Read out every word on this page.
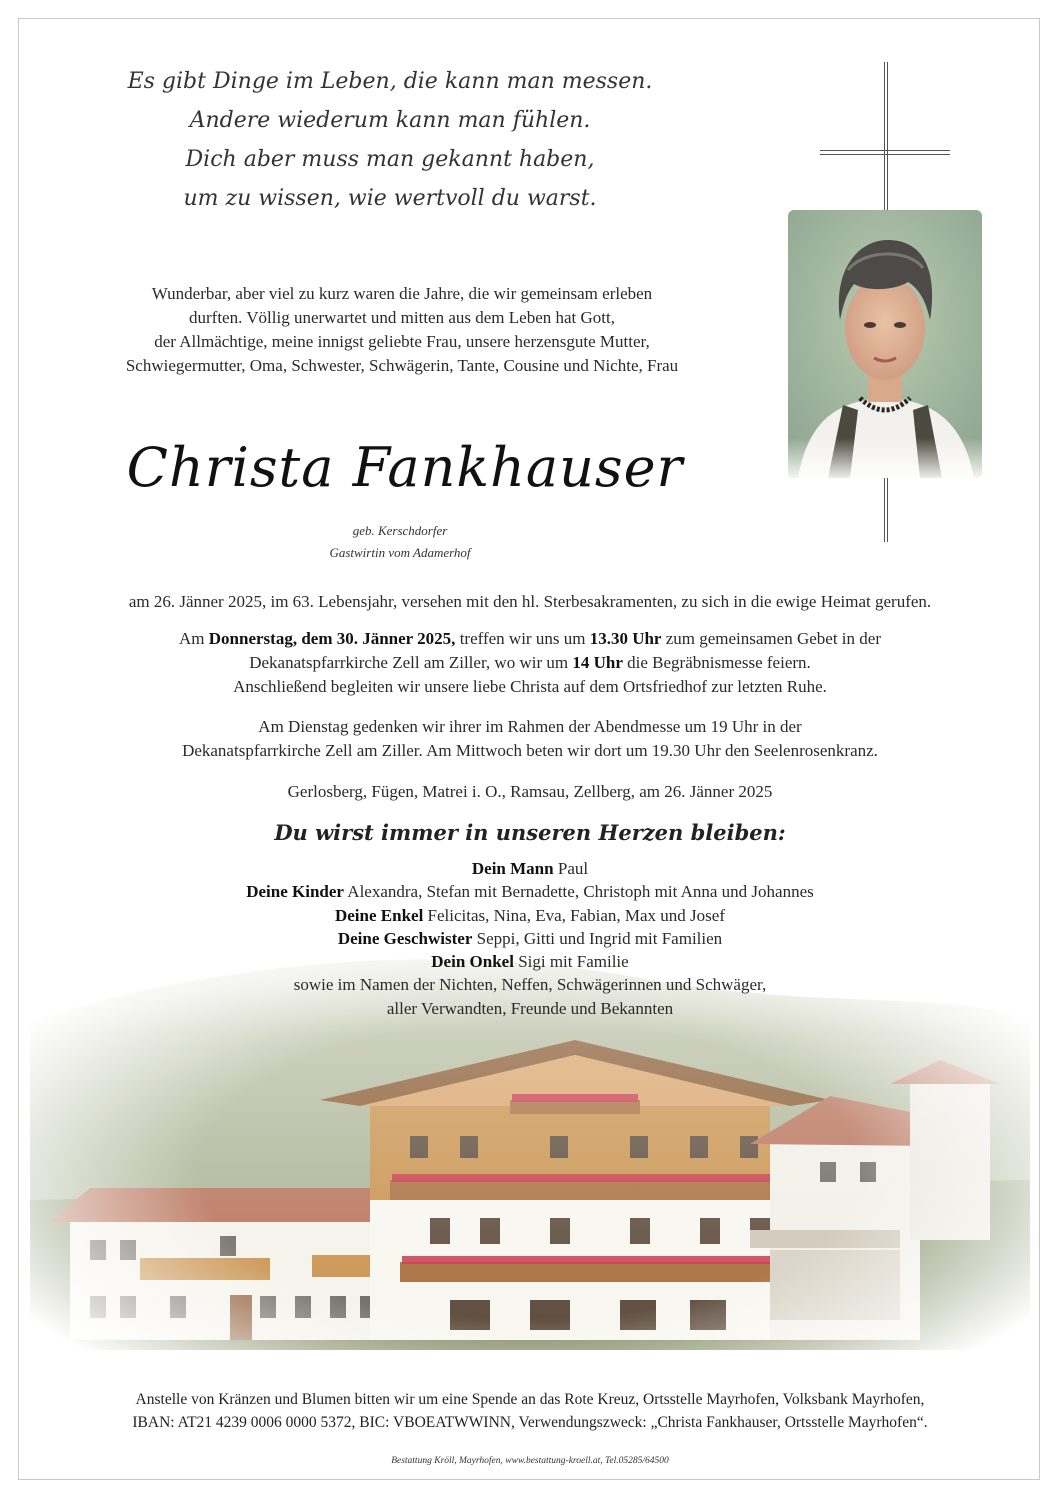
Es gibt Dinge im Leben, die kann man messen.
Andere wiederum kann man fühlen.
Dich aber muss man gekannt haben,
um zu wissen, wie wertvoll du warst.
Wunderbar, aber viel zu kurz waren die Jahre, die wir gemeinsam erleben
durften. Völlig unerwartet und mitten aus dem Leben hat Gott,
der Allmächtige, meine innigst geliebte Frau, unsere herzensgute Mutter,
Schwiegermutter, Oma, Schwester, Schwägerin, Tante, Cousine und Nichte, Frau
Christa Fankhauser
geb. Kerschdorfer
Gastwirtin vom Adamerhof
am 26. Jänner 2025, im 63. Lebensjahr, versehen mit den hl. Sterbesakramenten, zu sich in die ewige Heimat gerufen.
Am Donnerstag, dem 30. Jänner 2025, treffen wir uns um 13.30 Uhr zum gemeinsamen Gebet in der
Dekanatspfarrkirche Zell am Ziller, wo wir um 14 Uhr die Begräbnismesse feiern.
Anschließend begleiten wir unsere liebe Christa auf dem Ortsfriedhof zur letzten Ruhe.
Am Dienstag gedenken wir ihrer im Rahmen der Abendmesse um 19 Uhr in der
Dekanatspfarrkirche Zell am Ziller. Am Mittwoch beten wir dort um 19.30 Uhr den Seelenrosenkranz.
Gerlosberg, Fügen, Matrei i. O., Ramsau, Zellberg, am 26. Jänner 2025
Du wirst immer in unseren Herzen bleiben:
Dein Mann Paul
Deine Kinder Alexandra, Stefan mit Bernadette, Christoph mit Anna und Johannes
Deine Enkel Felicitas, Nina, Eva, Fabian, Max und Josef
Deine Geschwister Seppi, Gitti und Ingrid mit Familien
Dein Onkel Sigi mit Familie
sowie im Namen der Nichten, Neffen, Schwägerinnen und Schwäger,
aller Verwandten, Freunde und Bekannten
Anstelle von Kränzen und Blumen bitten wir um eine Spende an das Rote Kreuz, Ortsstelle Mayrhofen, Volksbank Mayrhofen,
IBAN: AT21 4239 0006 0000 5372, BIC: VBOEATWWINN, Verwendungszweck: „Christa Fankhauser, Ortsstelle Mayrhofen“.
Bestattung Kröll, Mayrhofen, www.bestattung-kroell.at, Tel.05285/64500
